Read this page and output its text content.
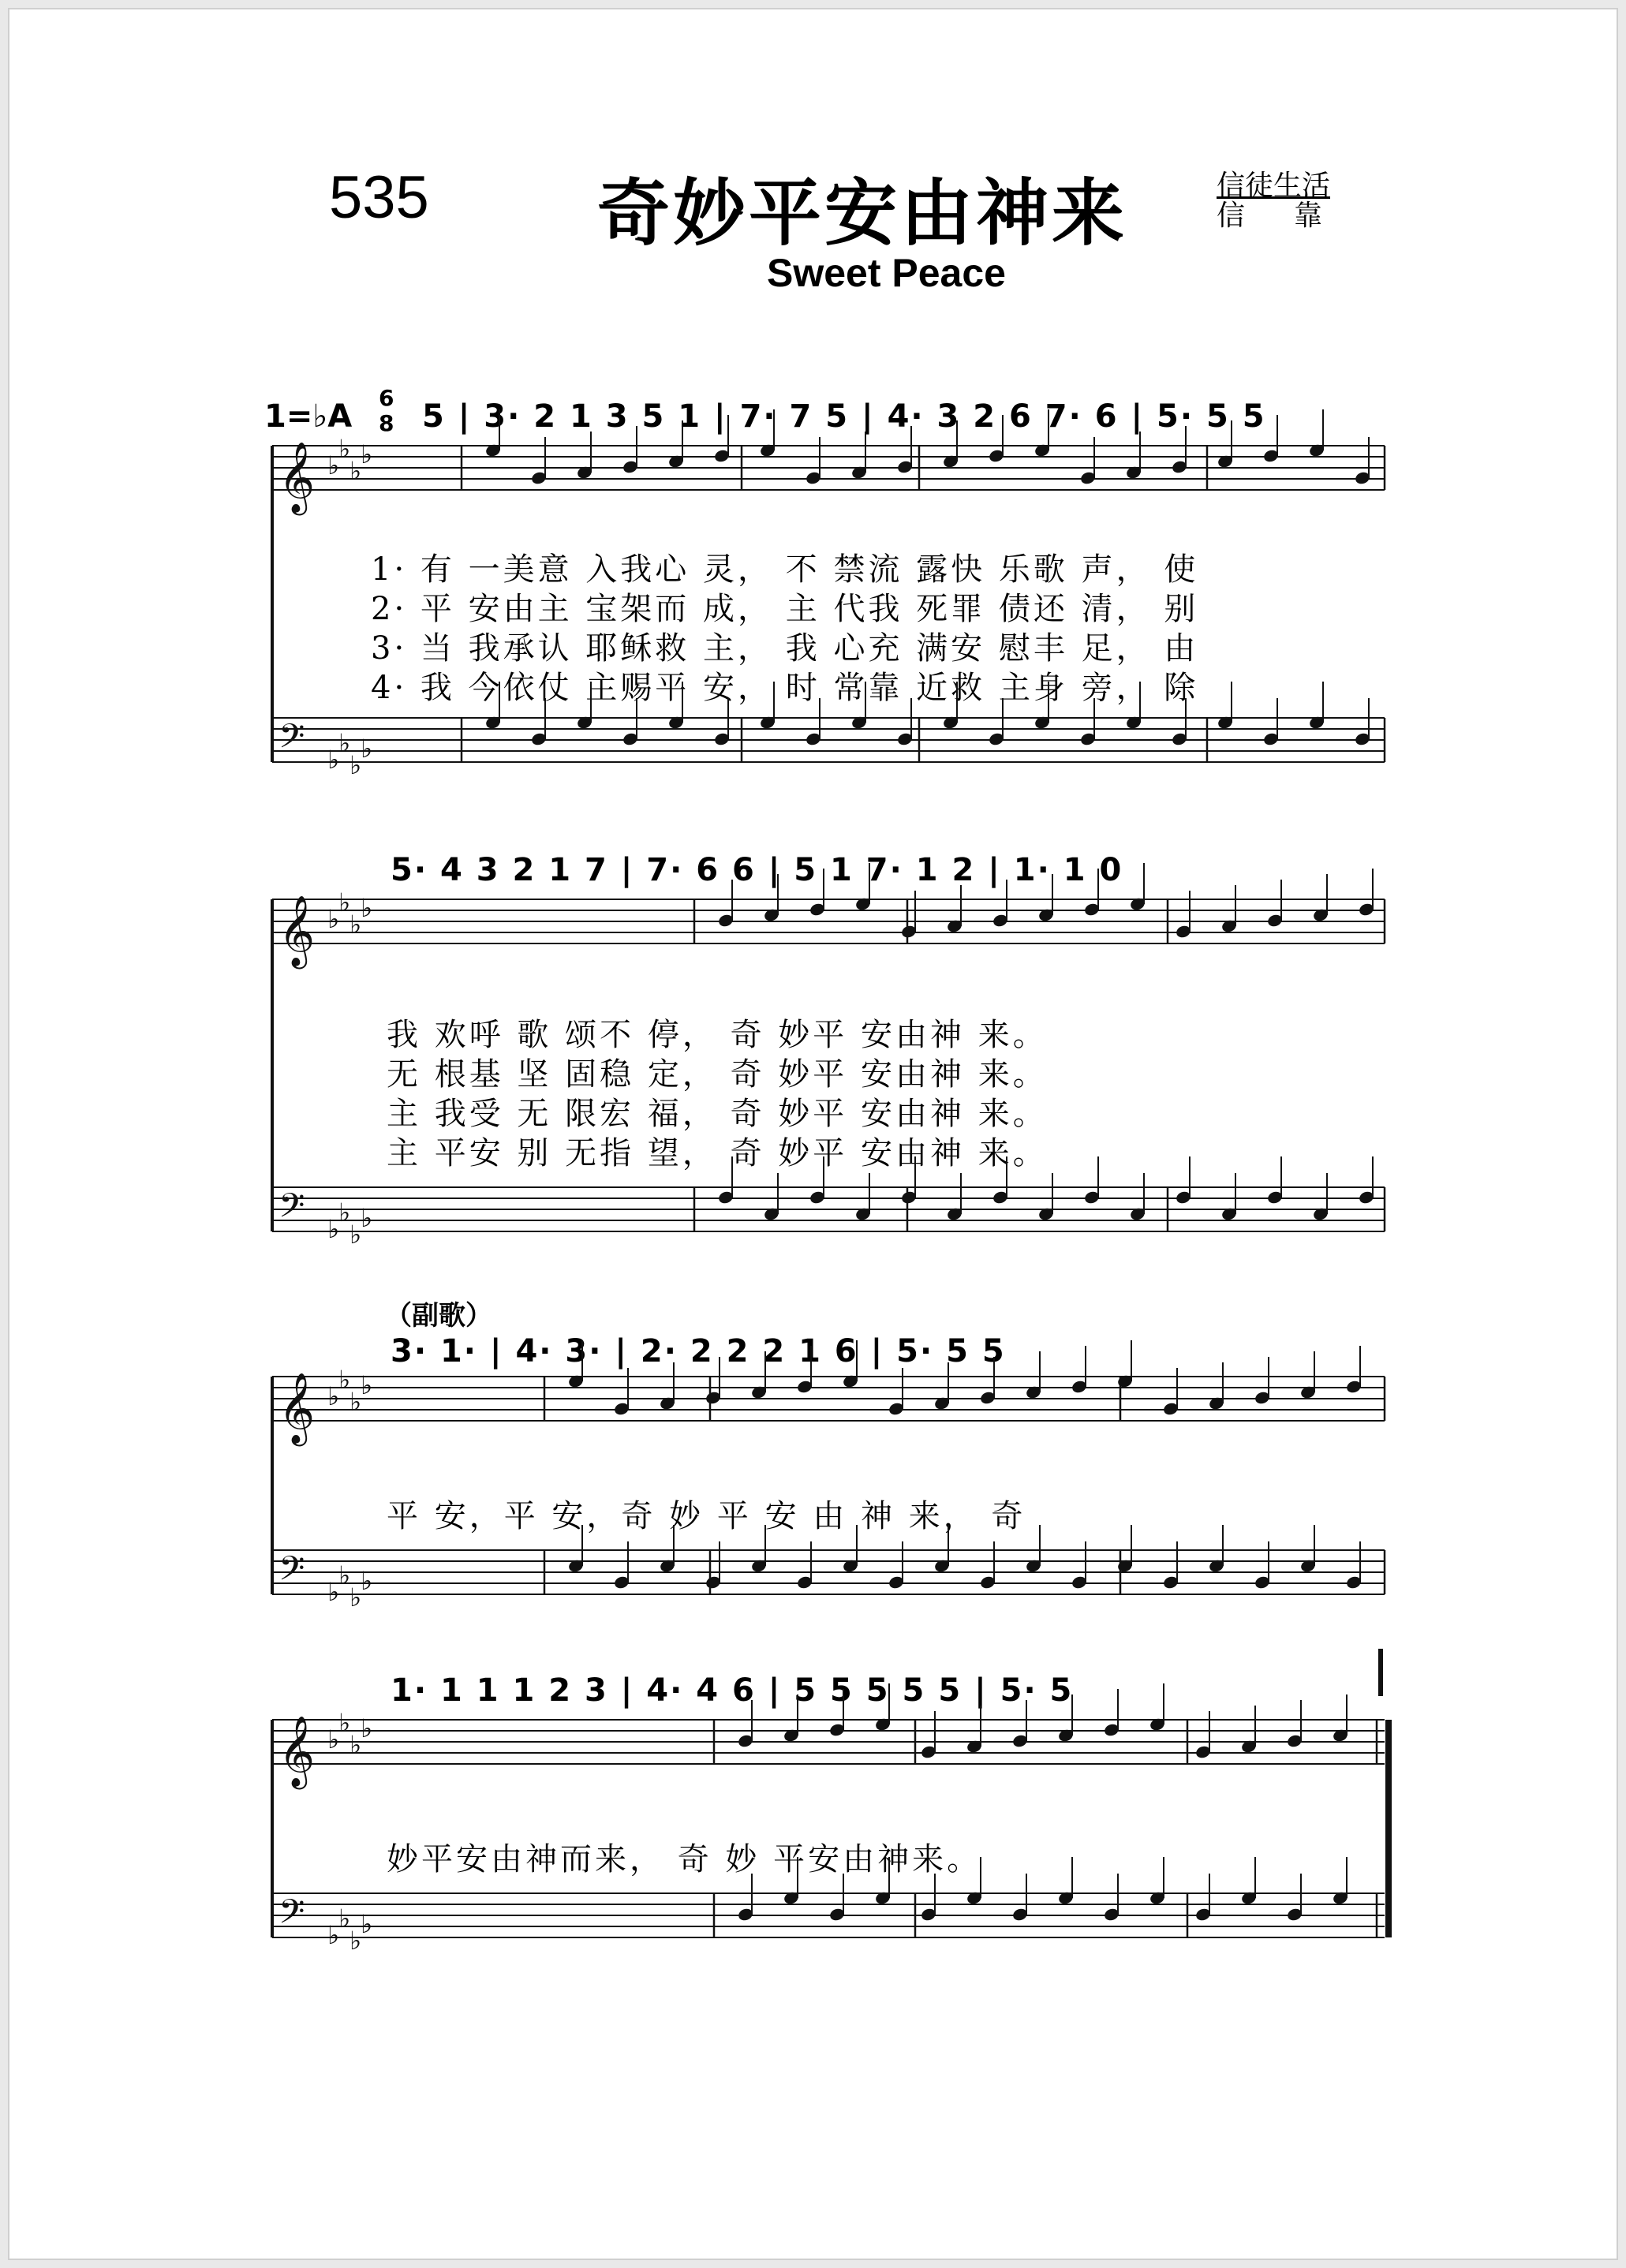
535 奇妙平安由神来
Sweet Peace
信徒生活
信靠
1=♭A
6
8 5 | 3· 2 1 3 5 1 | 7· 7 5 | 4· 3 2 6 7· 6 | 5· 5 5
5· 4 3 2 1 7 | 7· 6 6 | 5 1 7· 1 2 | 1· 1 0
3· 1· | 4· 3· | 2· 2 2 2 1 6 | 5· 5 5
1· 1 1 1 2 3 | 4· 4 6 | 5 5 5 5 5 | 5· 5
（副歌）
1· 有 一美意 入我心 灵， 不 禁流 露快 乐歌 声， 使
2· 平 安由主 宝架而 成， 主 代我 死罪 债还 清， 别
3· 当 我承认 耶稣救 主， 我 心充 满安 慰丰 足， 由
4· 我 今依仗 主赐平 安， 时 常靠 近救 主身 旁， 除
我 欢呼 歌 颂不 停， 奇 妙平 安由神 来。
无 根基 坚 固稳 定， 奇 妙平 安由神 来。
主 我受 无 限宏 福， 奇 妙平 安由神 来。
主 平安 别 无指 望， 奇 妙平 安由神 来。
平 安，平 安，奇 妙 平 安 由 神 来， 奇
妙平安由神而来， 奇 妙 平安由神来。
𝄞 ♭
♭
♭
♭
𝄢 ♭
♭
♭
♭
𝄞 ♭
♭
♭
♭
𝄢 ♭
♭
♭
♭
𝄞 ♭
♭
♭
♭
𝄢 ♭
♭
♭
♭
𝄞 ♭
♭
♭
♭
𝄢 ♭
♭
♭
♭
